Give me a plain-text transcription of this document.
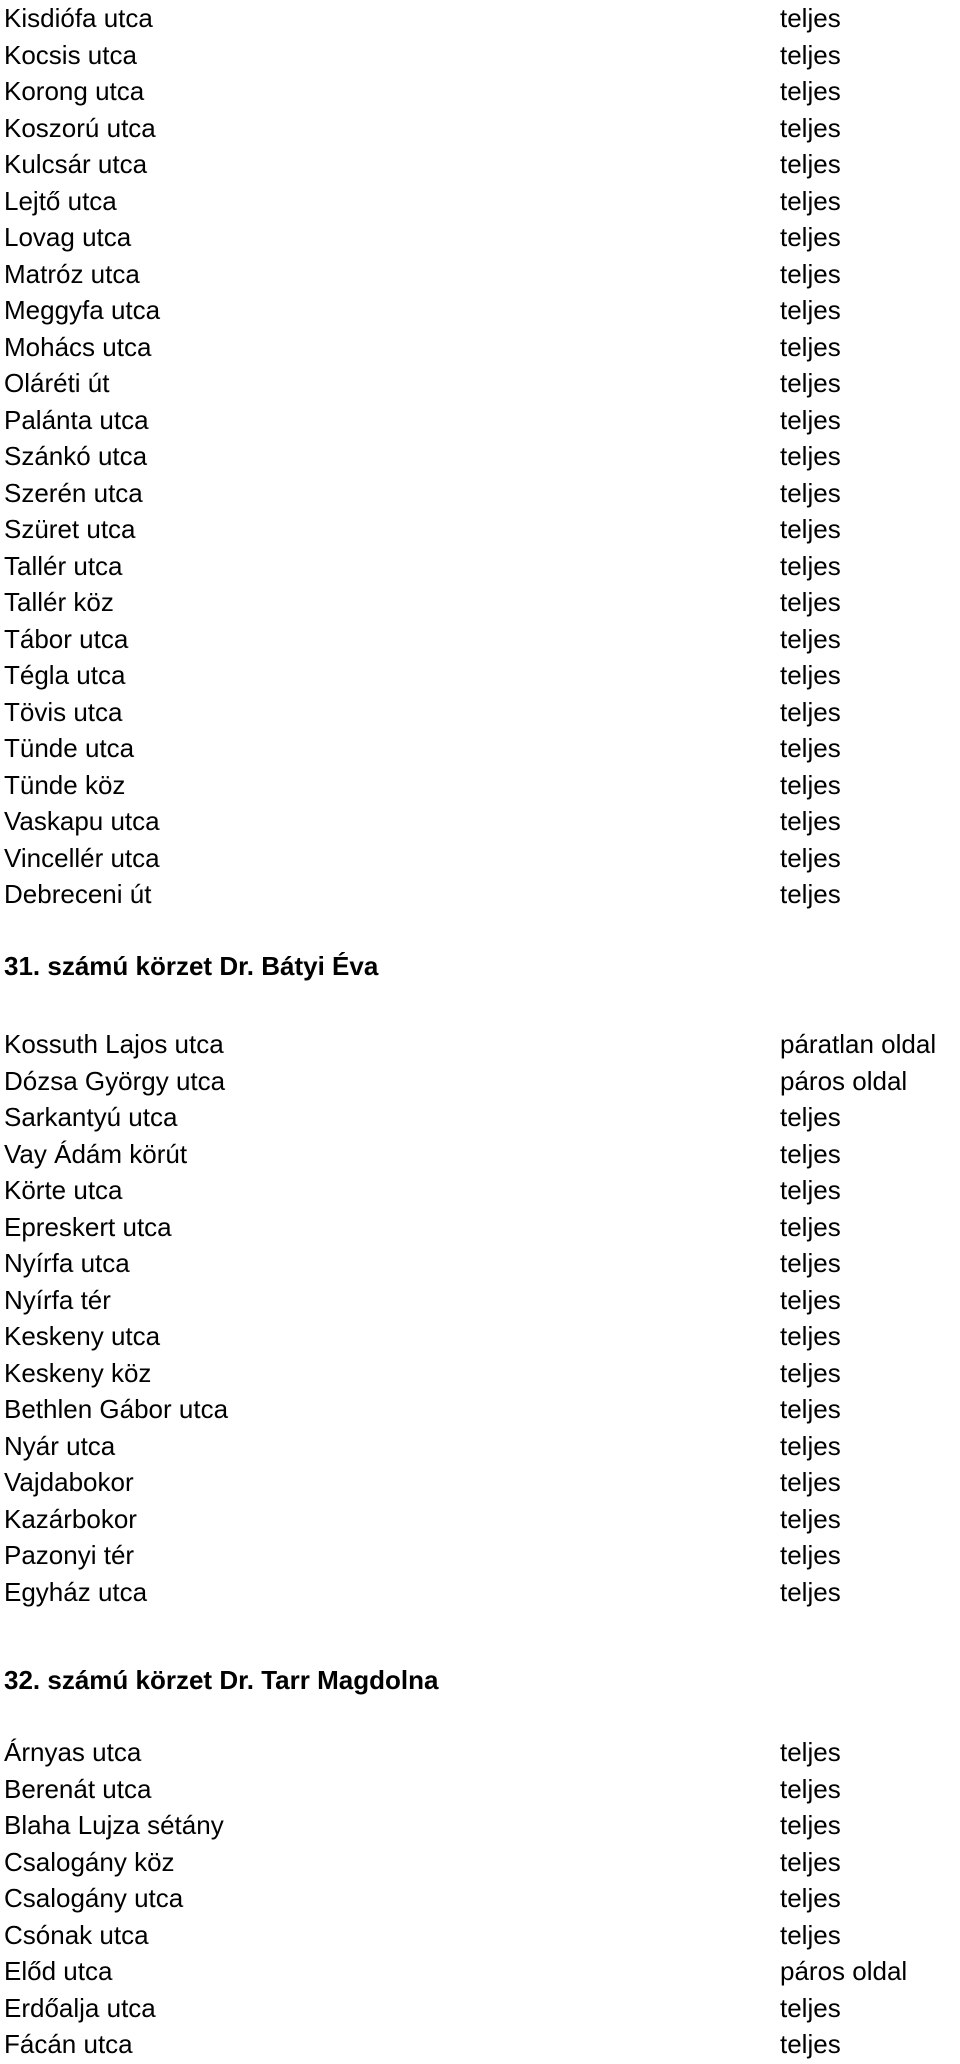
Kisdiófa utca	teljes
Kocsis utca	teljes
Korong utca	teljes
Koszorú utca	teljes
Kulcsár utca	teljes
Lejtő utca	teljes
Lovag utca	teljes
Matróz utca	teljes
Meggyfa utca	teljes
Mohács utca	teljes
Oláréti út	teljes
Palánta utca	teljes
Szánkó utca	teljes
Szerén utca	teljes
Szüret utca	teljes
Tallér utca	teljes
Tallér köz	teljes
Tábor utca	teljes
Tégla utca	teljes
Tövis utca	teljes
Tünde utca	teljes
Tünde köz	teljes
Vaskapu utca	teljes
Vincellér utca	teljes
Debreceni út	teljes
31. számú körzet Dr. Bátyi Éva
Kossuth Lajos utca	páratlan oldal
Dózsa György utca	páros oldal
Sarkantyú utca	teljes
Vay Ádám körút	teljes
Körte utca	teljes
Epreskert utca	teljes
Nyírfa utca	teljes
Nyírfa tér	teljes
Keskeny utca	teljes
Keskeny köz	teljes
Bethlen Gábor utca	teljes
Nyár utca	teljes
Vajdabokor	teljes
Kazárbokor	teljes
Pazonyi tér	teljes
Egyház utca	teljes
32. számú körzet Dr. Tarr Magdolna
Árnyas utca	teljes
Berenát utca	teljes
Blaha Lujza sétány	teljes
Csalogány köz	teljes
Csalogány utca	teljes
Csónak utca	teljes
Előd utca	páros oldal
Erdőalja utca	teljes
Fácán utca	teljes
